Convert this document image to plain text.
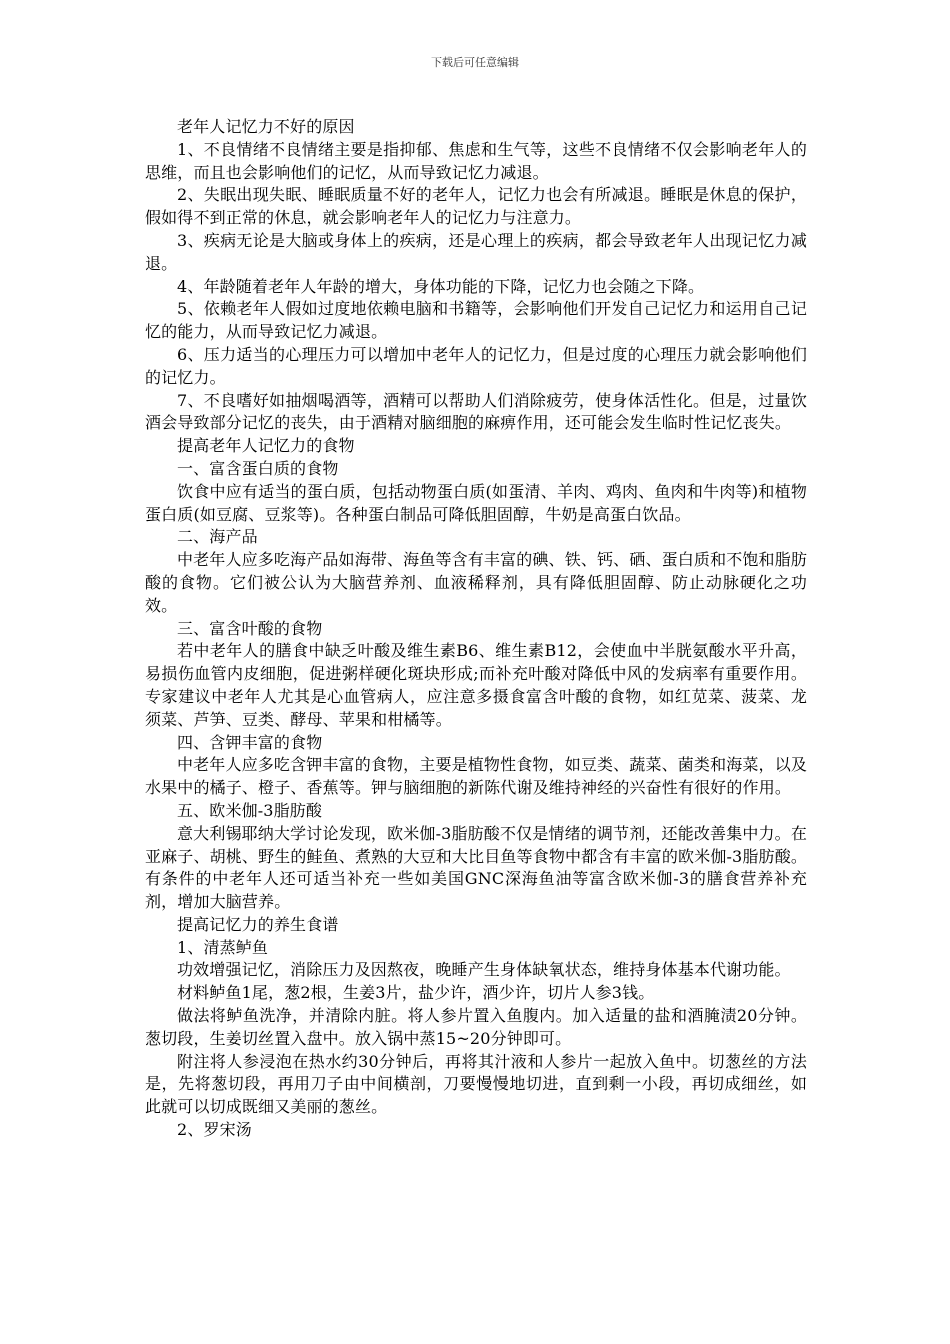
下载后可任意编辑

老年人记忆力不好的原因

1、不良情绪不良情绪主要是指抑郁、焦虑和生气等，这些不良情绪不仅会影响老年人的思维，而且也会影响他们的记忆，从而导致记忆力减退。

2、失眠出现失眠、睡眠质量不好的老年人，记忆力也会有所减退。睡眠是休息的保护，假如得不到正常的休息，就会影响老年人的记忆力与注意力。

3、疾病无论是大脑或身体上的疾病，还是心理上的疾病，都会导致老年人出现记忆力减退。

4、年龄随着老年人年龄的增大，身体功能的下降，记忆力也会随之下降。

5、依赖老年人假如过度地依赖电脑和书籍等，会影响他们开发自己记忆力和运用自己记忆的能力，从而导致记忆力减退。

6、压力适当的心理压力可以增加中老年人的记忆力，但是过度的心理压力就会影响他们的记忆力。

7、不良嗜好如抽烟喝酒等，酒精可以帮助人们消除疲劳，使身体活性化。但是，过量饮酒会导致部分记忆的丧失，由于酒精对脑细胞的麻痹作用，还可能会发生临时性记忆丧失。

提高老年人记忆力的食物

一、富含蛋白质的食物

饮食中应有适当的蛋白质，包括动物蛋白质(如蛋清、羊肉、鸡肉、鱼肉和牛肉等)和植物蛋白质(如豆腐、豆浆等)。各种蛋白制品可降低胆固醇，牛奶是高蛋白饮品。

二、海产品

中老年人应多吃海产品如海带、海鱼等含有丰富的碘、铁、钙、硒、蛋白质和不饱和脂肪酸的食物。它们被公认为大脑营养剂、血液稀释剂，具有降低胆固醇、防止动脉硬化之功效。

三、富含叶酸的食物

若中老年人的膳食中缺乏叶酸及维生素B6、维生素B12，会使血中半胱氨酸水平升高，易损伤血管内皮细胞，促进粥样硬化斑块形成;而补充叶酸对降低中风的发病率有重要作用。专家建议中老年人尤其是心血管病人，应注意多摄食富含叶酸的食物，如红苋菜、菠菜、龙须菜、芦笋、豆类、酵母、苹果和柑橘等。

四、含钾丰富的食物

中老年人应多吃含钾丰富的食物，主要是植物性食物，如豆类、蔬菜、菌类和海菜，以及水果中的橘子、橙子、香蕉等。钾与脑细胞的新陈代谢及维持神经的兴奋性有很好的作用。

五、欧米伽-3脂肪酸

意大利锡耶纳大学讨论发现，欧米伽-3脂肪酸不仅是情绪的调节剂，还能改善集中力。在亚麻子、胡桃、野生的鲑鱼、煮熟的大豆和大比目鱼等食物中都含有丰富的欧米伽-3脂肪酸。有条件的中老年人还可适当补充一些如美国GNC深海鱼油等富含欧米伽-3的膳食营养补充剂，增加大脑营养。

提高记忆力的养生食谱

1、清蒸鲈鱼

功效增强记忆，消除压力及因熬夜，晚睡产生身体缺氧状态，维持身体基本代谢功能。

材料鲈鱼1尾，葱2根，生姜3片，盐少许，酒少许，切片人参3钱。

做法将鲈鱼洗净，并清除内脏。将人参片置入鱼腹内。加入适量的盐和酒腌渍20分钟。葱切段，生姜切丝置入盘中。放入锅中蒸15~20分钟即可。

附注将人参浸泡在热水约30分钟后，再将其汁液和人参片一起放入鱼中。切葱丝的方法是，先将葱切段，再用刀子由中间横剖，刀要慢慢地切进，直到剩一小段，再切成细丝，如此就可以切成既细又美丽的葱丝。

2、罗宋汤
